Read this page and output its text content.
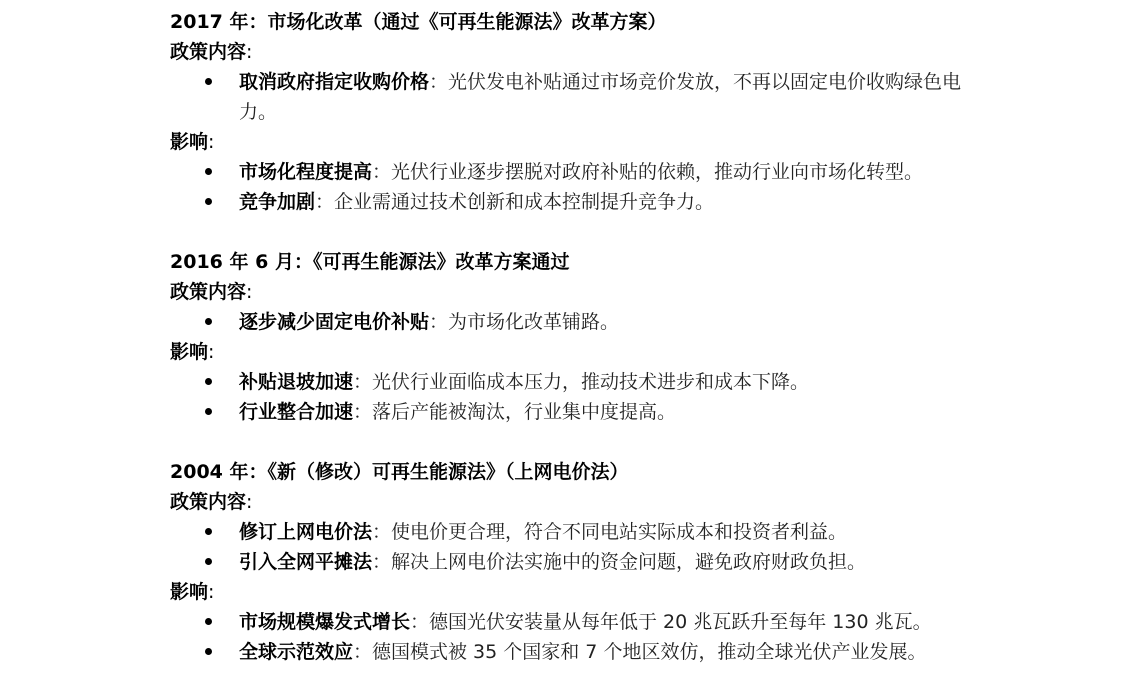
2017 年：市场化改革（通过《可再生能源法》改革方案）
政策内容:
取消政府指定收购价格：光伏发电补贴通过市场竞价发放，不再以固定电价收购绿色电力。
影响:
市场化程度提高：光伏行业逐步摆脱对政府补贴的依赖，推动行业向市场化转型。
竞争加剧：企业需通过技术创新和成本控制提升竞争力。
2016 年 6 月：《可再生能源法》改革方案通过
政策内容:
逐步减少固定电价补贴：为市场化改革铺路。
影响:
补贴退坡加速：光伏行业面临成本压力，推动技术进步和成本下降。
行业整合加速：落后产能被淘汰，行业集中度提高。
2004 年：《新（修改）可再生能源法》（上网电价法）
政策内容:
修订上网电价法：使电价更合理，符合不同电站实际成本和投资者利益。
引入全网平摊法：解决上网电价法实施中的资金问题，避免政府财政负担。
影响:
市场规模爆发式增长：德国光伏安装量从每年低于 20 兆瓦跃升至每年 130 兆瓦。
全球示范效应：德国模式被 35 个国家和 7 个地区效仿，推动全球光伏产业发展。
